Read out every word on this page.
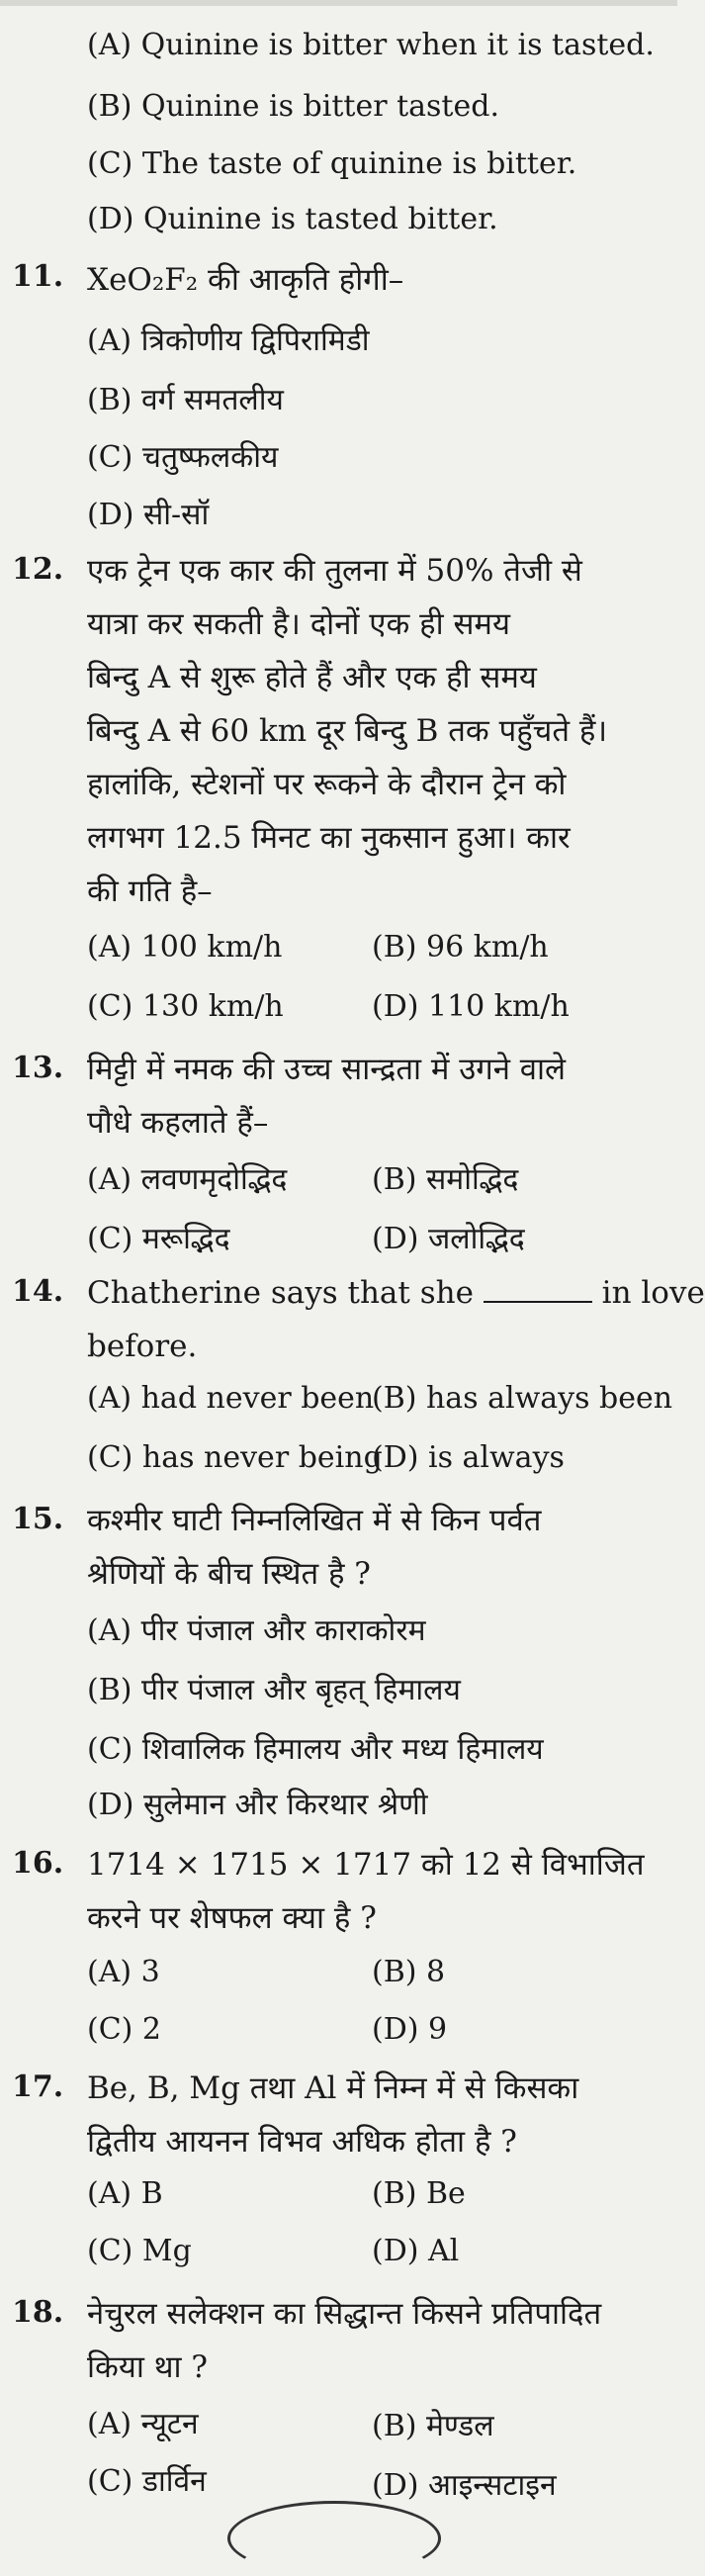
(A) Quinine is bitter when it is tasted.
(B) Quinine is bitter tasted.
(C) The taste of quinine is bitter.
(D) Quinine is tasted bitter.
11. XeO₂F₂ की आकृति होगी–
(A) त्रिकोणीय द्विपिरामिडी
(B) वर्ग समतलीय
(C) चतुष्फलकीय
(D) सी-सॉ
12. एक ट्रेन एक कार की तुलना में 50% तेजी से
यात्रा कर सकती है। दोनों एक ही समय
बिन्दु A से शुरू होते हैं और एक ही समय
बिन्दु A से 60 km दूर बिन्दु B तक पहुँचते हैं।
हालांकि, स्टेशनों पर रूकने के दौरान ट्रेन को
लगभग 12.5 मिनट का नुकसान हुआ। कार
की गति है–
(A) 100 km/h	(B) 96 km/h
(C) 130 km/h	(D) 110 km/h
13. मिट्टी में नमक की उच्च सान्द्रता में उगने वाले
पौधे कहलाते हैं–
(A) लवणमृदोद्भिद	(B) समोद्भिद
(C) मरूद्भिद	(D) जलोद्भिद
14. Chatherine says that she	in love
before.
(A) had never been
(B) has always been
(C) has never being
(D) is always
15. कश्मीर घाटी निम्नलिखित में से किन पर्वत
श्रेणियों के बीच स्थित है ?
(A) पीर पंजाल और काराकोरम
(B) पीर पंजाल और बृहत् हिमालय
(C) शिवालिक हिमालय और मध्य हिमालय
(D) सुलेमान और किरथार श्रेणी
16. 1714 × 1715 × 1717 को 12 से विभाजित
करने पर शेषफल क्या है ?
(A) 3	(B) 8
(C) 2	(D) 9
17. Be, B, Mg तथा Al में निम्न में से किसका
द्वितीय आयनन विभव अधिक होता है ?
(A) B	(B) Be
(C) Mg	(D) Al
18. नेचुरल सलेक्शन का सिद्धान्त किसने प्रतिपादित
किया था ?
(A) न्यूटन	(B) मेण्डल
(C) डार्विन	(D) आइन्सटाइन
